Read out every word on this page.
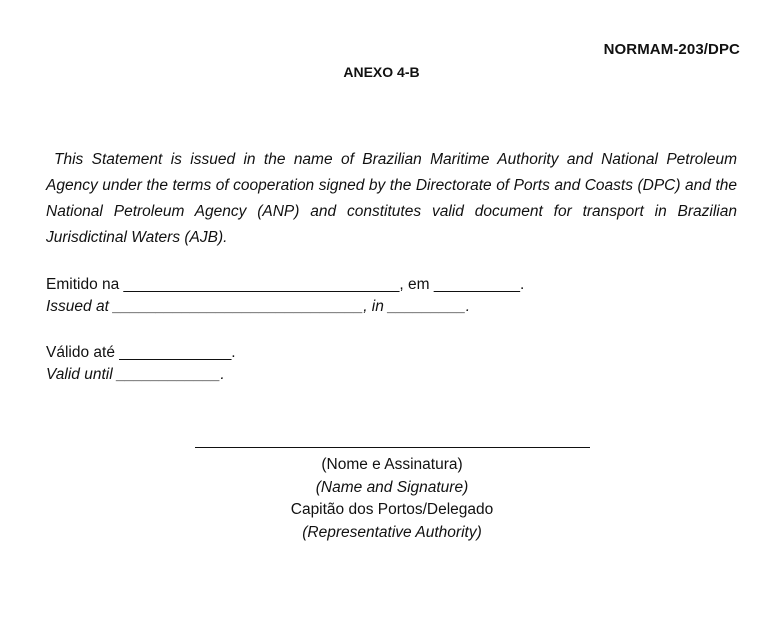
NORMAM-203/DPC
ANEXO 4-B

This Statement is issued in the name of Brazilian Maritime Authority and National Petroleum Agency under the terms of cooperation signed by the Directorate of Ports and Coasts (DPC) and the National Petroleum Agency (ANP) and constitutes valid document for transport in Brazilian Jurisdictinal Waters (AJB).

Emitido na ________________________________, em __________.
Issued at _____________________________, in _________.
Válido até _____________.
Valid until ____________.
(Nome e Assinatura)
(Name and Signature)
Capitão dos Portos/Delegado
(Representative Authority)
